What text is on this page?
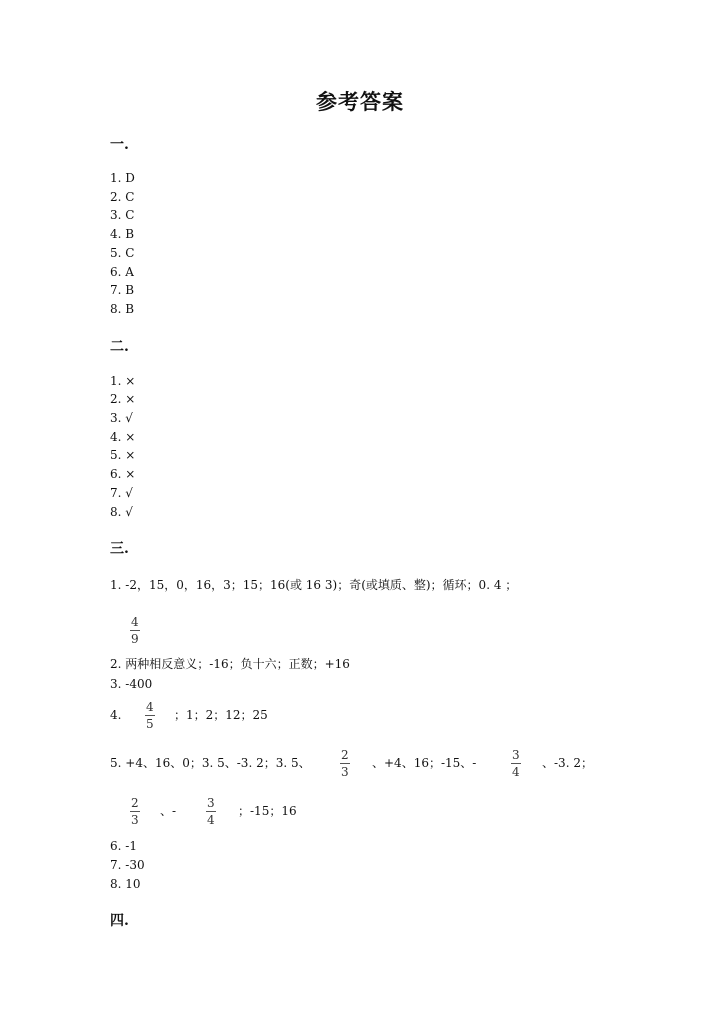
参考答案
一.
1. D
2. C
3. C
4. B
5. C
6. A
7. B
8. B
二.
1. ×
2. ×
3. √
4. ×
5. ×
6. ×
7. √
8. √
三.
1. -2，15，0，16，3；15；16(或 16 3)；奇(或填质、整)；循环；0. 4 ；
4
9
2. 两种相反意义；-16；负十六；正数；+16
3. -400
4.
4
5
；1；2；12；25
5. +4、16、0；3. 5、-3. 2；3. 5、
2
3
、+4、16；-15、-
3
4
、-3. 2；
2
3
、-
3
4
；-15；16
6. -1
7. -30
8. 10
四.
